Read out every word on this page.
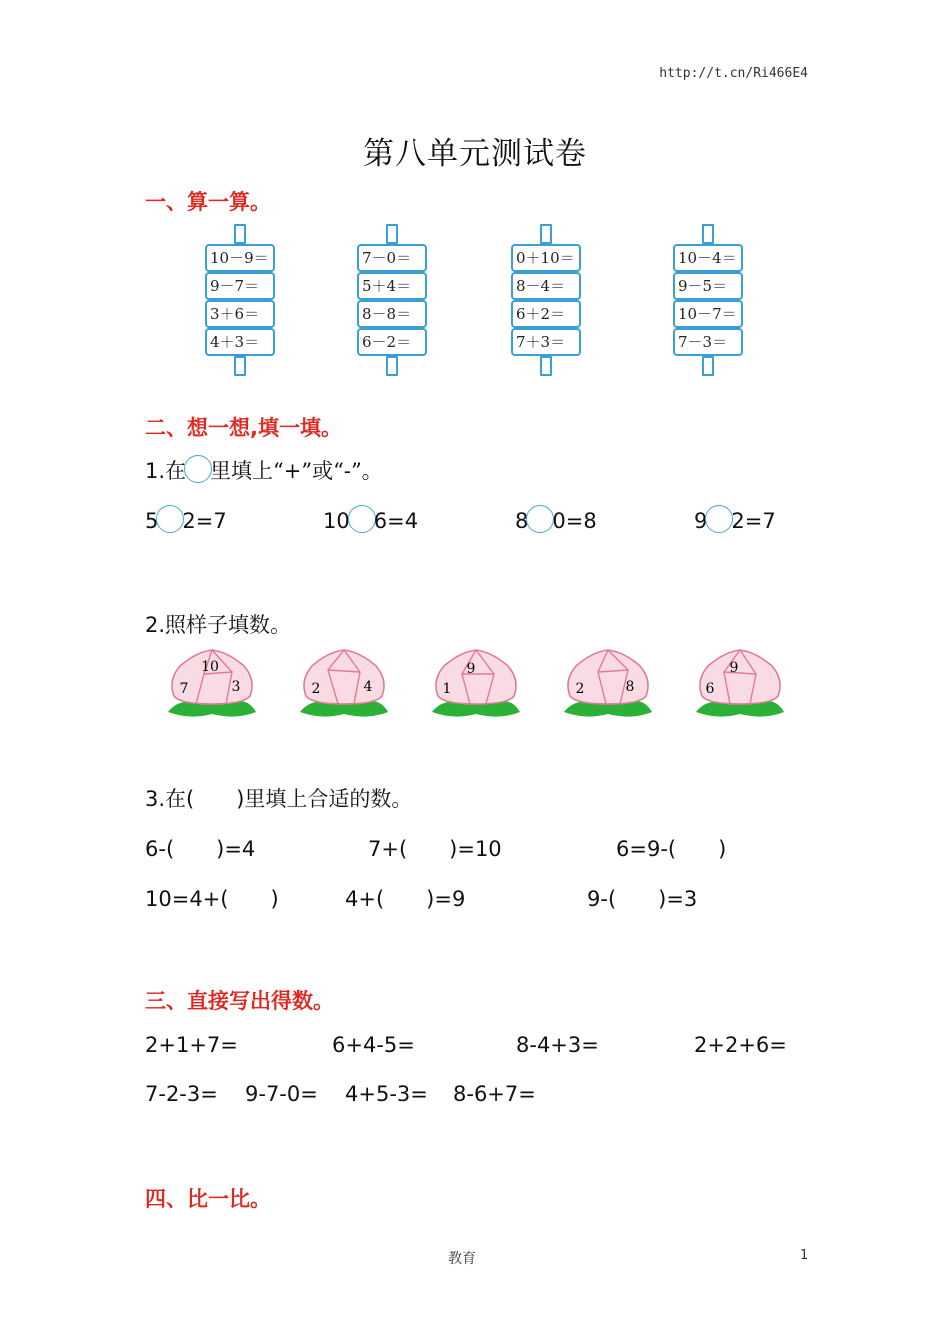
http://t.cn/Ri466E4
第八单元测试卷
一、算一算。
10－9＝
9－7＝
3＋6＝
4＋3＝
7－0＝
5＋4＝
8－8＝
6－2＝
0＋10＝
8－4＝
6＋2＝
7＋3＝
10－4＝
9－5＝
10－7＝
7－3＝
二、想一想,填一填。
1.在 里填上“+”或“-”。
5 2=7	10 6=4	8 0=8	9 2=7
2.照样子填数。
10
7	3	2	4
9
1	2	8
9
6
3.在(　　)里填上合适的数。
6-(　　)=4	7+(　　)=10	6=9-(　　)
10=4+(　　)	4+(　　)=9	9-(　　)=3
三、直接写出得数。
2+1+7=	6+4-5=	8-4+3=	2+2+6=
7-2-3= 9-7-0= 4+5-3= 8-6+7=
四、比一比。
教育	1
